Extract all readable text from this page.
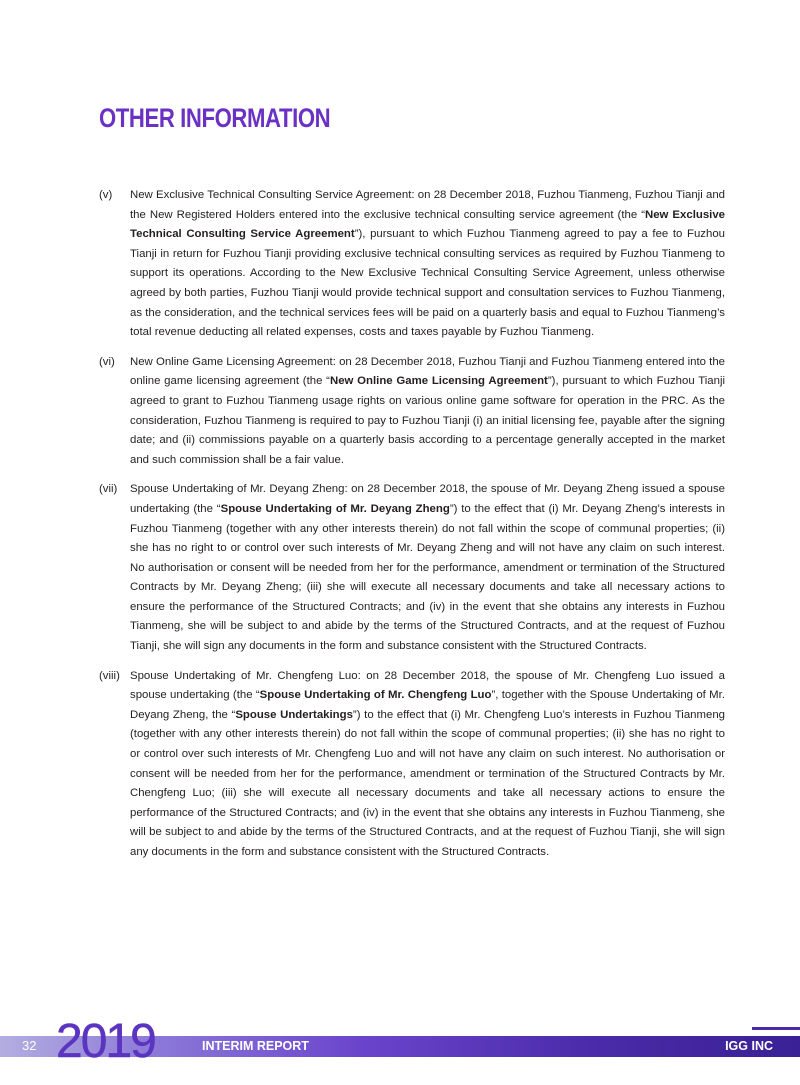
OTHER INFORMATION
(v)	New Exclusive Technical Consulting Service Agreement: on 28 December 2018, Fuzhou Tianmeng, Fuzhou Tianji and the New Registered Holders entered into the exclusive technical consulting service agreement (the “New Exclusive Technical Consulting Service Agreement”), pursuant to which Fuzhou Tianmeng agreed to pay a fee to Fuzhou Tianji in return for Fuzhou Tianji providing exclusive technical consulting services as required by Fuzhou Tianmeng to support its operations. According to the New Exclusive Technical Consulting Service Agreement, unless otherwise agreed by both parties, Fuzhou Tianji would provide technical support and consultation services to Fuzhou Tianmeng, as the consideration, and the technical services fees will be paid on a quarterly basis and equal to Fuzhou Tianmeng’s total revenue deducting all related expenses, costs and taxes payable by Fuzhou Tianmeng.
(vi)	New Online Game Licensing Agreement: on 28 December 2018, Fuzhou Tianji and Fuzhou Tianmeng entered into the online game licensing agreement (the “New Online Game Licensing Agreement”), pursuant to which Fuzhou Tianji agreed to grant to Fuzhou Tianmeng usage rights on various online game software for operation in the PRC. As the consideration, Fuzhou Tianmeng is required to pay to Fuzhou Tianji (i) an initial licensing fee, payable after the signing date; and (ii) commissions payable on a quarterly basis according to a percentage generally accepted in the market and such commission shall be a fair value.
(vii)	Spouse Undertaking of Mr. Deyang Zheng: on 28 December 2018, the spouse of Mr. Deyang Zheng issued a spouse undertaking (the “Spouse Undertaking of Mr. Deyang Zheng”) to the effect that (i) Mr. Deyang Zheng’s interests in Fuzhou Tianmeng (together with any other interests therein) do not fall within the scope of communal properties; (ii) she has no right to or control over such interests of Mr. Deyang Zheng and will not have any claim on such interest. No authorisation or consent will be needed from her for the performance, amendment or termination of the Structured Contracts by Mr. Deyang Zheng; (iii) she will execute all necessary documents and take all necessary actions to ensure the performance of the Structured Contracts; and (iv) in the event that she obtains any interests in Fuzhou Tianmeng, she will be subject to and abide by the terms of the Structured Contracts, and at the request of Fuzhou Tianji, she will sign any documents in the form and substance consistent with the Structured Contracts.
(viii) Spouse Undertaking of Mr. Chengfeng Luo: on 28 December 2018, the spouse of Mr. Chengfeng Luo issued a spouse undertaking (the “Spouse Undertaking of Mr. Chengfeng Luo”, together with the Spouse Undertaking of Mr. Deyang Zheng, the “Spouse Undertakings”) to the effect that (i) Mr. Chengfeng Luo’s interests in Fuzhou Tianmeng (together with any other interests therein) do not fall within the scope of communal properties; (ii) she has no right to or control over such interests of Mr. Chengfeng Luo and will not have any claim on such interest. No authorisation or consent will be needed from her for the performance, amendment or termination of the Structured Contracts by Mr. Chengfeng Luo; (iii) she will execute all necessary documents and take all necessary actions to ensure the performance of the Structured Contracts; and (iv) in the event that she obtains any interests in Fuzhou Tianmeng, she will be subject to and abide by the terms of the Structured Contracts, and at the request of Fuzhou Tianji, she will sign any documents in the form and substance consistent with the Structured Contracts.
32 2019	INTERIM REPORT	IGG INC
